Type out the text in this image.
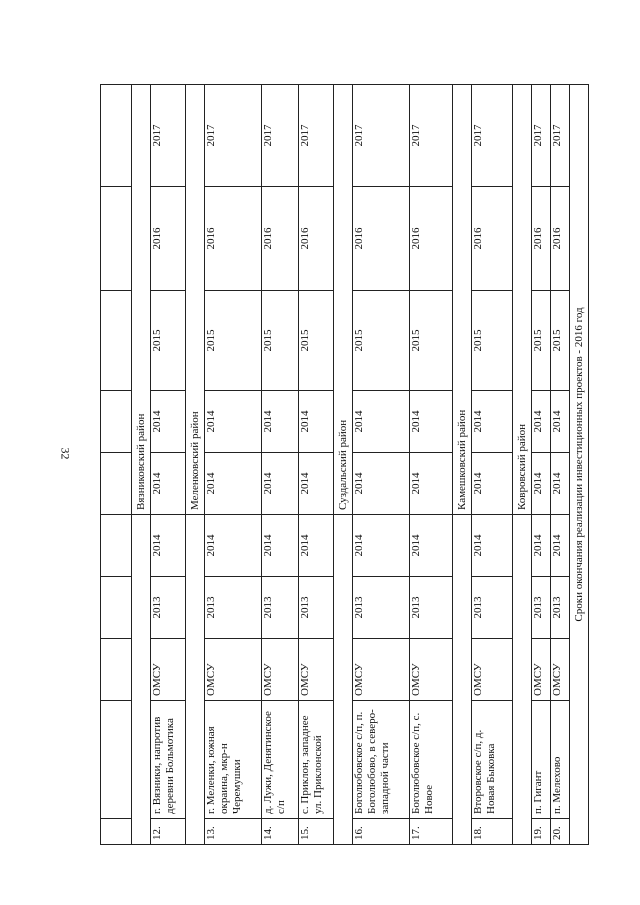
32

					Вязниковский район				
12.	г. Вязники, напротив деревни Больмотика	ОМСУ	2013	2014	2014	2014	2015	2016	2017
					Меленковский район				
13.	г. Меленки, южная окраина, мкр-н Черемушки	ОМСУ	2013	2014	2014	2014	2015	2016	2017
14.	д. Лужи, Денятинское с/п	ОМСУ	2013	2014	2014	2014	2015	2016	2017
15.	с. Приклон, западнее ул. Приклонской	ОМСУ	2013	2014	2014	2014	2015	2016	2017
					Суздальский район				
16.	Боголюбовское с/п, п. Боголюбово, в северо-западной части	ОМСУ	2013	2014	2014	2014	2015	2016	2017
17.	Боголюбовское с/п, с. Новое	ОМСУ	2013	2014	2014	2014	2015	2016	2017
					Камешковский район				
18.	Второвское с/п, д. Новая Быковка	ОМСУ	2013	2014	2014	2014	2015	2016	2017
					Ковровский район				
19.	п. Гигант	ОМСУ	2013	2014	2014	2014	2015	2016	2017
20.	п. Мелехово	ОМСУ	2013	2014	2014	2014	2015	2016	2017
Сроки окончания реализации инвестиционных проектов - 2016 год									
